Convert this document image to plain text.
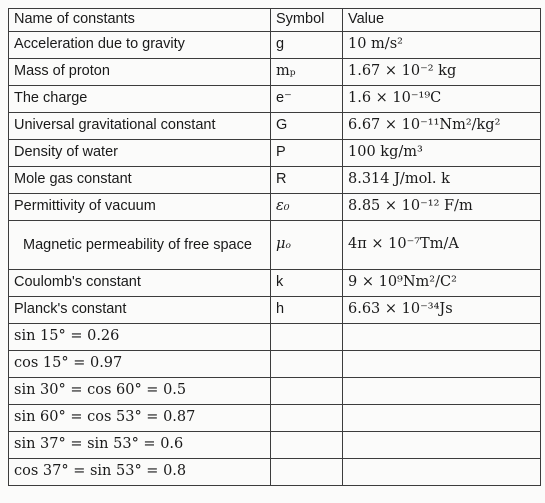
Name of constants	Symbol	Value
Acceleration due to gravity	g	10 m/s²
Mass of proton	mₚ	1.67 × 10⁻² kg
The charge	e⁻	1.6 × 10⁻¹⁹C
Universal gravitational constant	G	6.67 × 10⁻¹¹Nm²/kg²
Density of water	P	100 kg/m³
Mole gas constant	R	8.314 J/mol. k
Permittivity of vacuum	ε₀	8.85 × 10⁻¹² F/m
Magnetic permeability of free space	μₒ	4π × 10⁻⁷Tm/A
Coulomb's constant	k	9 × 10⁹Nm²/C²
Planck's constant	h	6.63 × 10⁻³⁴Js
sin 15° = 0.26		
cos 15° = 0.97		
sin 30° = cos 60° = 0.5		
sin 60° = cos 53° = 0.87		
sin 37° = sin 53° = 0.6		
cos 37° = sin 53° = 0.8		
